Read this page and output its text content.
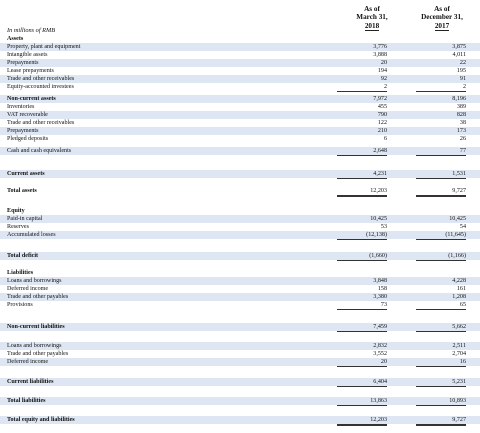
As of
March 31,
2018
As of
December 31,
2017
In millions of RMB
Assets
Property, plant and equipment	3,776	3,875
Intangible assets	3,888	4,011
Prepayments	20	22
Lease prepayments	194	195
Trade and other receivables	92	91
Equity-accounted investees	2	2
Non-current assets	7,972	8,196
Inventories	455	389
VAT recoverable	790	828
Trade and other receivables	122	38
Prepayments	210	173
Pledged deposits	6	26
Cash and cash equivalents	2,648	77
Current assets	4,231	1,531
Total assets	12,203	9,727
Equity
Paid-in capital	10,425	10,425
Reserves	53	54
Accumulated losses	(12,138)	(11,645)
Total deficit	(1,660)	(1,166)
Liabilities
Loans and borrowings	3,848	4,228
Deferred income	158	161
Trade and other payables	3,380	1,208
Provisions	73	65
Non-current liabilities	7,459	5,662
Loans and borrowings	2,832	2,511
Trade and other payables	3,552	2,704
Deferred income	20	16
Current liabilities	6,404	5,231
Total liabilities	13,863	10,893
Total equity and liabilities	12,203	9,727
